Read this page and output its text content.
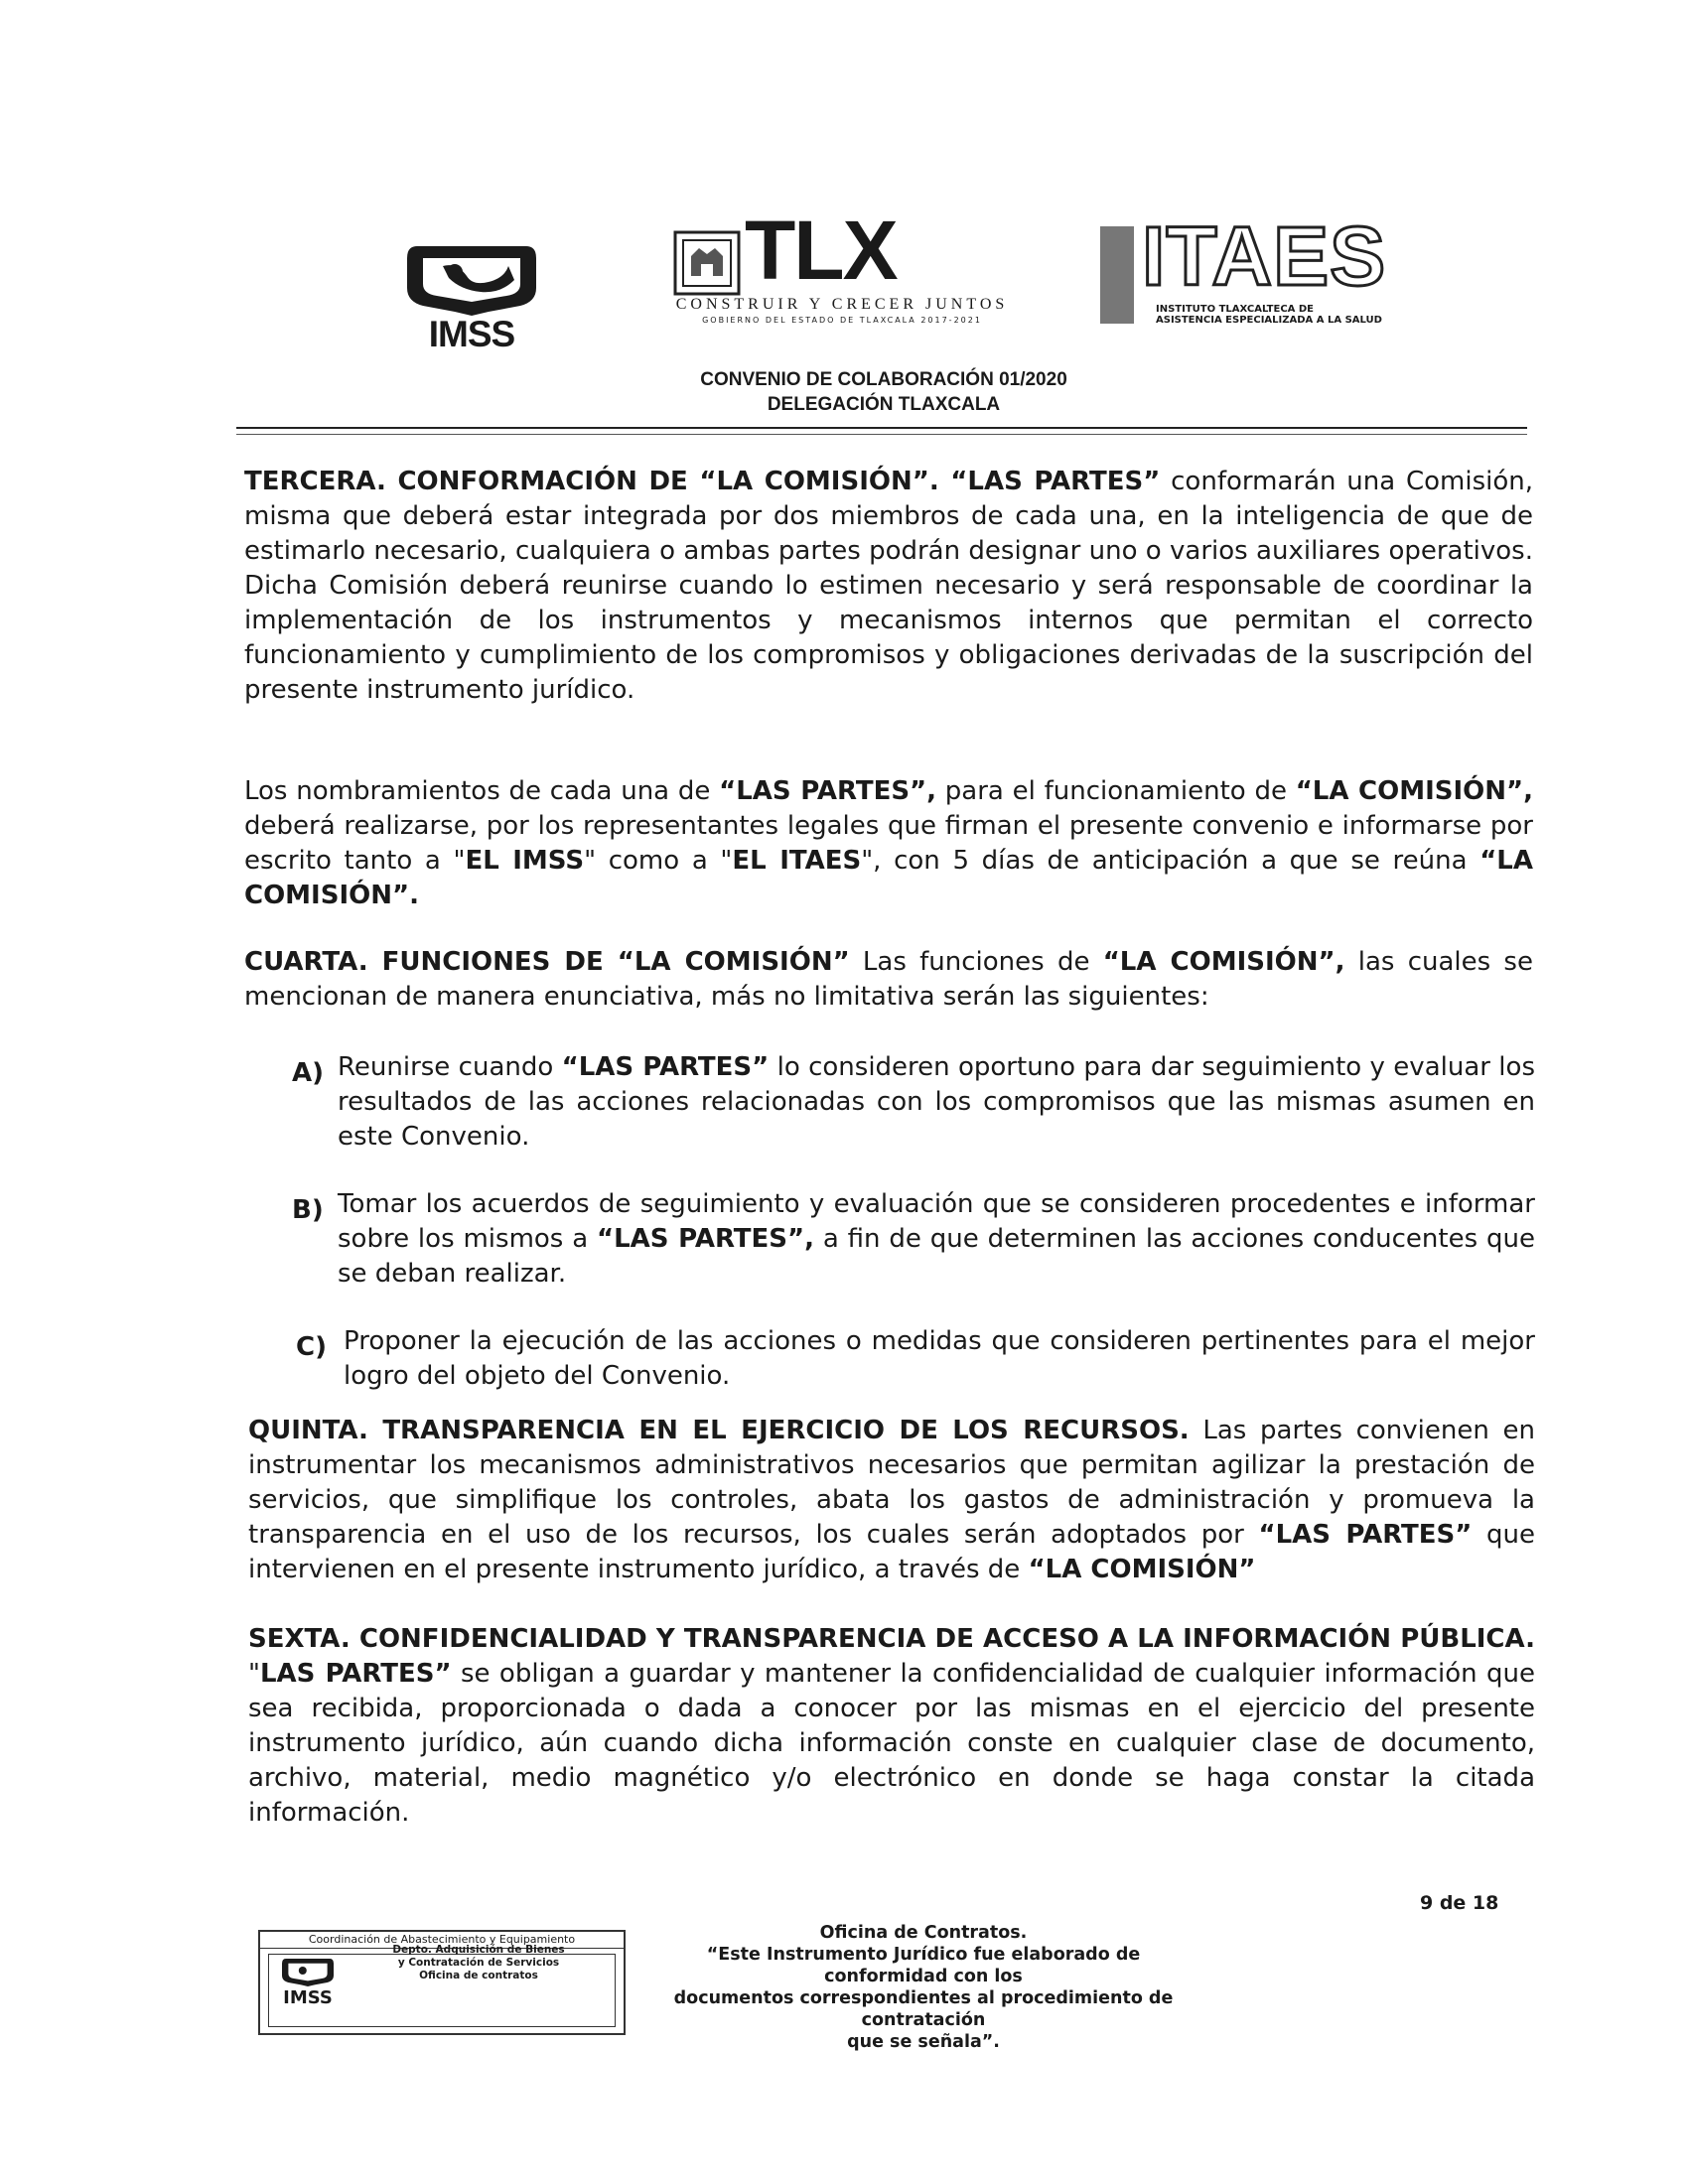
IMSS
TLX
CONSTRUIR Y CRECER JUNTOS
GOBIERNO DEL ESTADO DE TLAXCALA 2017-2021
ITAES
INSTITUTO TLAXCALTECA DE
ASISTENCIA ESPECIALIZADA A LA SALUD
CONVENIO DE COLABORACIÓN 01/2020
DELEGACIÓN TLAXCALA
TERCERA. CONFORMACIÓN DE “LA COMISIÓN”. “LAS PARTES” conformarán una Comisión, misma que deberá estar integrada por dos miembros de cada una, en la inteligencia de que de estimarlo necesario, cualquiera o ambas partes podrán designar uno o varios auxiliares operativos. Dicha Comisión deberá reunirse cuando lo estimen necesario y será responsable de coordinar la implementación de los instrumentos y mecanismos internos que permitan el correcto funcionamiento y cumplimiento de los compromisos y obligaciones derivadas de la suscripción del presente instrumento jurídico.
Los nombramientos de cada una de “LAS PARTES”, para el funcionamiento de “LA COMISIÓN”, deberá realizarse, por los representantes legales que firman el presente convenio e informarse por escrito tanto a "EL IMSS" como a "EL ITAES", con 5 días de anticipación a que se reúna “LA COMISIÓN”.
CUARTA. FUNCIONES DE “LA COMISIÓN” Las funciones de “LA COMISIÓN”, las cuales se mencionan de manera enunciativa, más no limitativa serán las siguientes:
A) Reunirse cuando “LAS PARTES” lo consideren oportuno para dar seguimiento y evaluar los resultados de las acciones relacionadas con los compromisos que las mismas asumen en este Convenio.
B) Tomar los acuerdos de seguimiento y evaluación que se consideren procedentes e informar sobre los mismos a “LAS PARTES”, a fin de que determinen las acciones conducentes que se deban realizar.
C) Proponer la ejecución de las acciones o medidas que consideren pertinentes para el mejor logro del objeto del Convenio.
QUINTA. TRANSPARENCIA EN EL EJERCICIO DE LOS RECURSOS. Las partes convienen en instrumentar los mecanismos administrativos necesarios que permitan agilizar la prestación de servicios, que simplifique los controles, abata los gastos de administración y promueva la transparencia en el uso de los recursos, los cuales serán adoptados por “LAS PARTES” que intervienen en el presente instrumento jurídico, a través de “LA COMISIÓN”
SEXTA. CONFIDENCIALIDAD Y TRANSPARENCIA DE ACCESO A LA INFORMACIÓN PÚBLICA. "LAS PARTES” se obligan a guardar y mantener la confidencialidad de cualquier información que sea recibida, proporcionada o dada a conocer por las mismas en el ejercicio del presente instrumento jurídico, aún cuando dicha información conste en cualquier clase de documento, archivo, material, medio magnético y/o electrónico en donde se haga constar la citada información.
9 de 18
Coordinación de Abastecimiento y Equipamiento
IMSS
Depto. Adquisición de Bienes
y Contratación de Servicios
Oficina de contratos
Oficina de Contratos.
“Este Instrumento Jurídico fue elaborado de conformidad con los
documentos correspondientes al procedimiento de contratación
que se señala”.
